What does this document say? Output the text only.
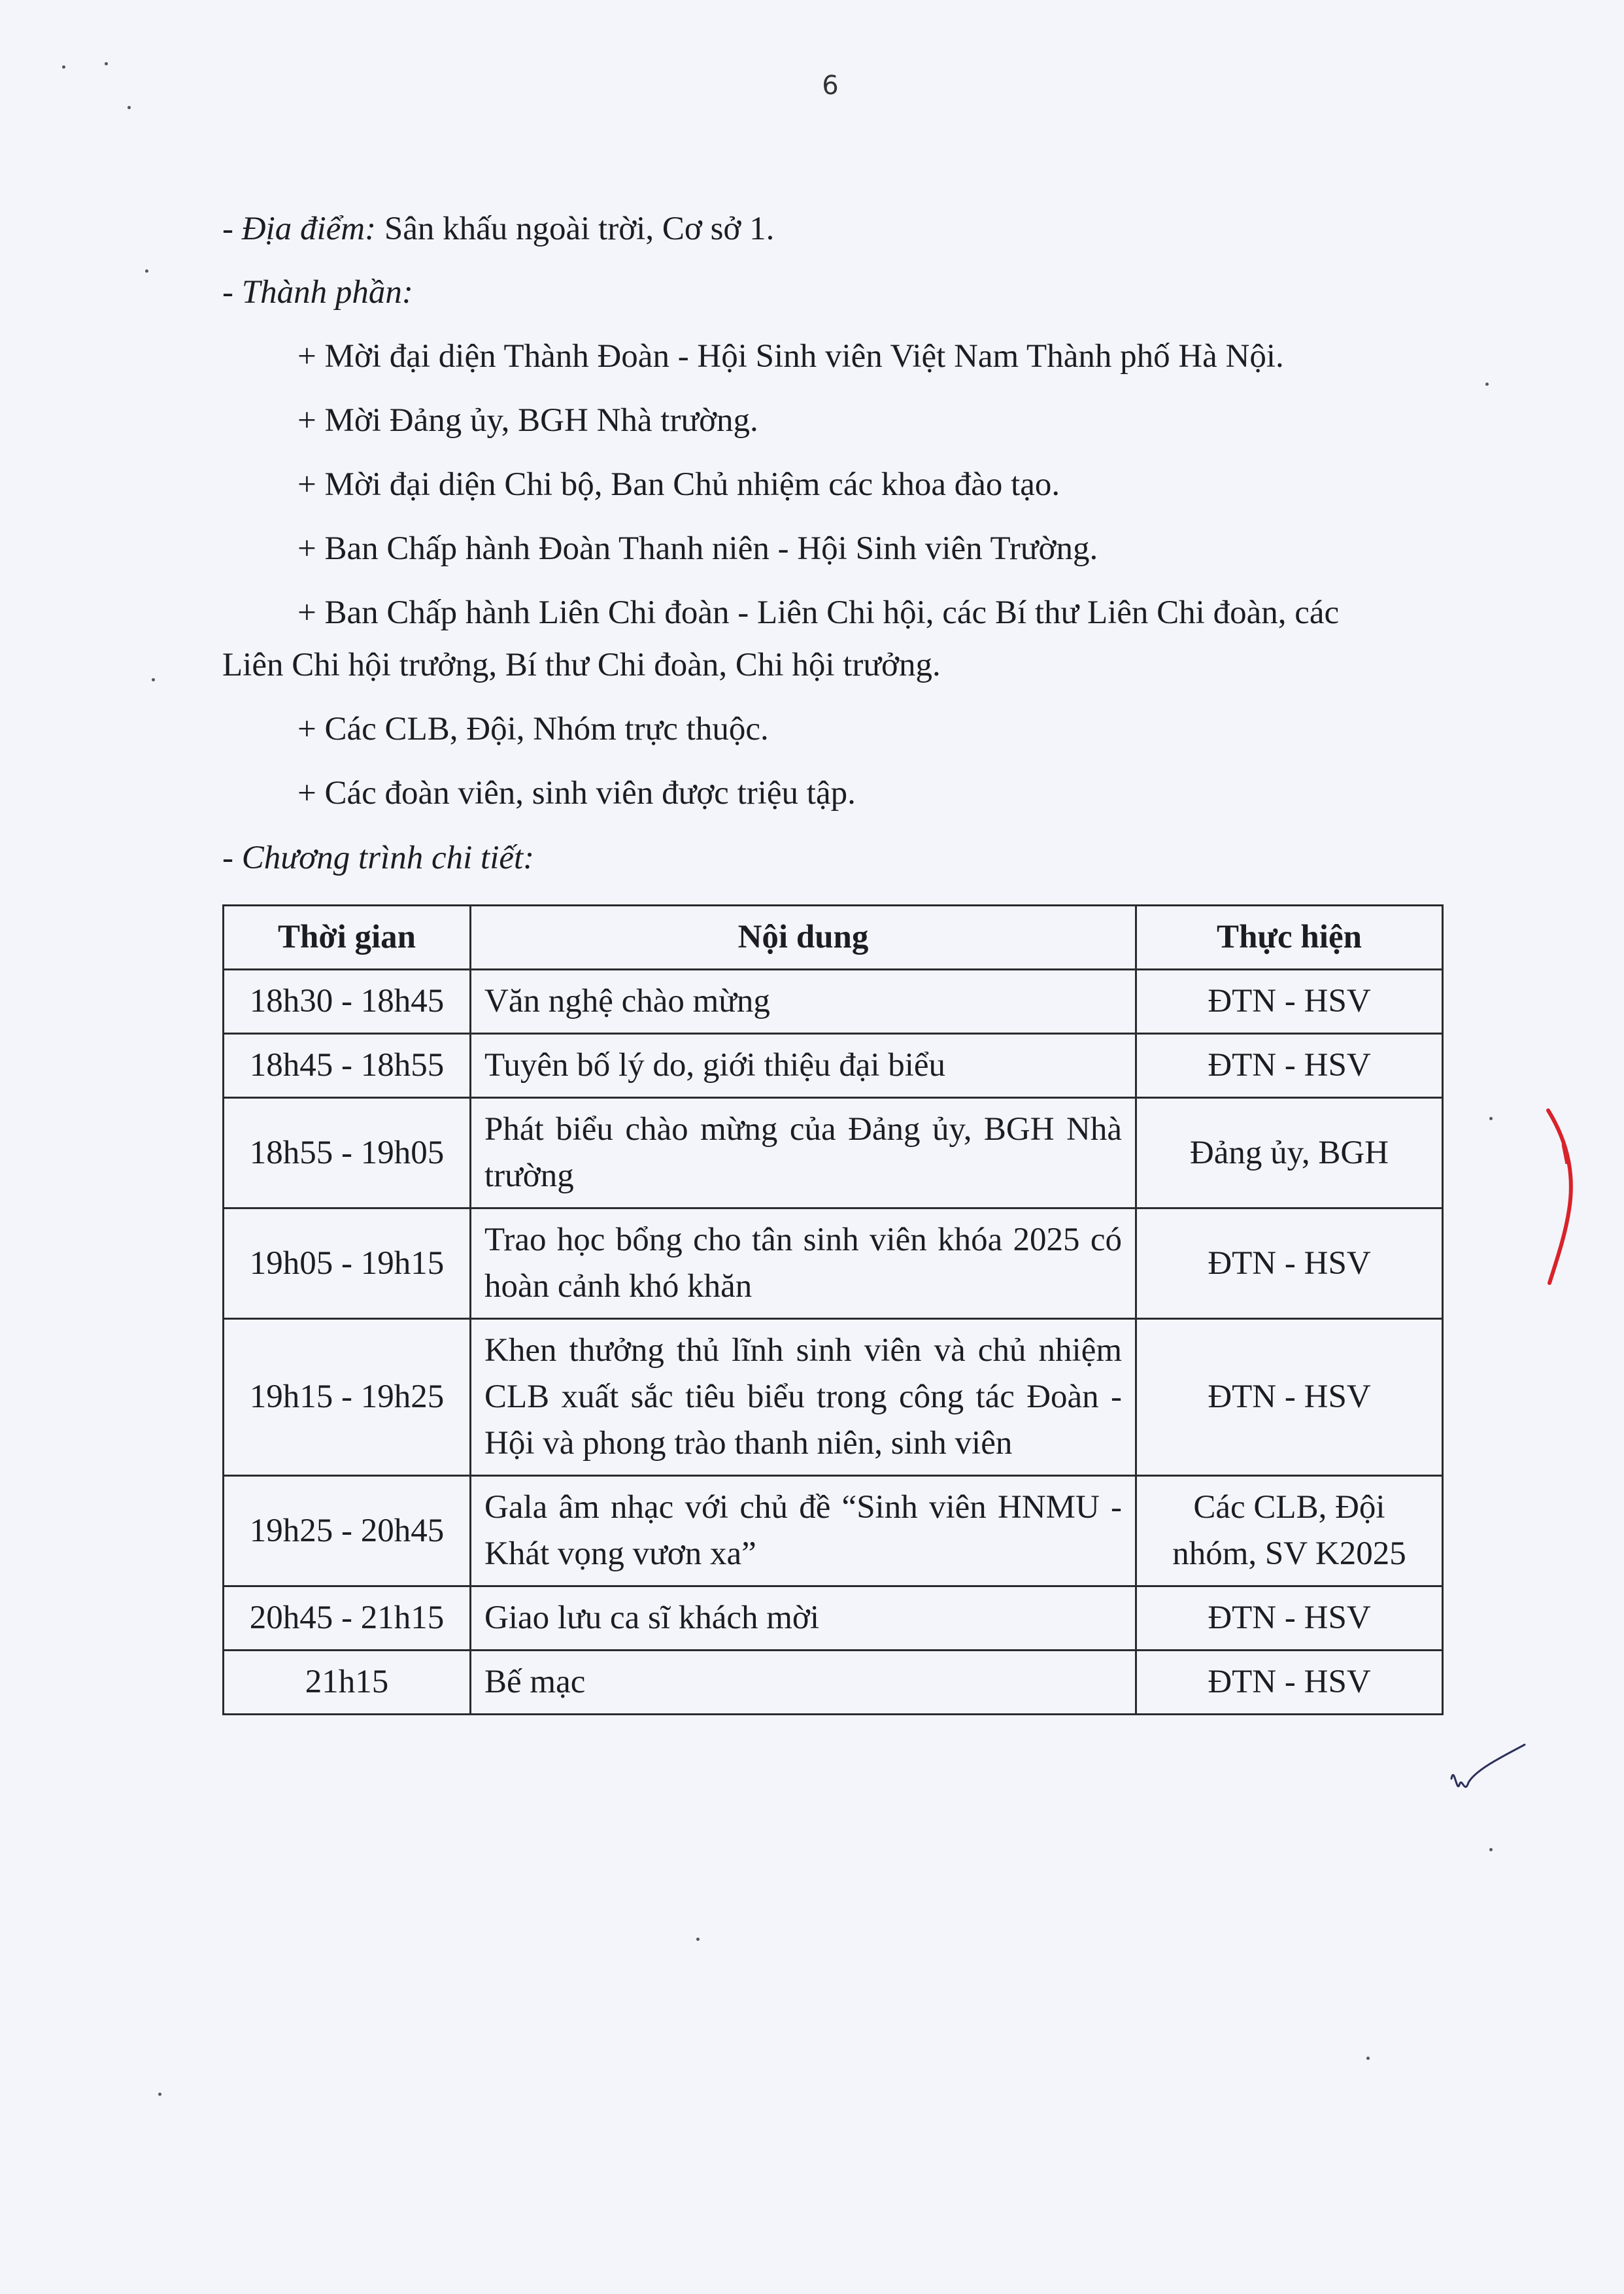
6
- Địa điểm: Sân khấu ngoài trời, Cơ sở 1.
- Thành phần:
+ Mời đại diện Thành Đoàn - Hội Sinh viên Việt Nam Thành phố Hà Nội.
+ Mời Đảng ủy, BGH Nhà trường.
+ Mời đại diện Chi bộ, Ban Chủ nhiệm các khoa đào tạo.
+ Ban Chấp hành Đoàn Thanh niên - Hội Sinh viên Trường.
+ Ban Chấp hành Liên Chi đoàn - Liên Chi hội, các Bí thư Liên Chi đoàn, các
Liên Chi hội trưởng, Bí thư Chi đoàn, Chi hội trưởng.
+ Các CLB, Đội, Nhóm trực thuộc.
+ Các đoàn viên, sinh viên được triệu tập.
- Chương trình chi tiết:
Thời gian	Nội dung	Thực hiện
18h30 - 18h45	Văn nghệ chào mừng	ĐTN - HSV
18h45 - 18h55	Tuyên bố lý do, giới thiệu đại biểu	ĐTN - HSV
18h55 - 19h05	Phát biểu chào mừng của Đảng ủy, BGH Nhà trường	Đảng ủy, BGH
19h05 - 19h15	Trao học bổng cho tân sinh viên khóa 2025 có hoàn cảnh khó khăn	ĐTN - HSV
19h15 - 19h25	Khen thưởng thủ lĩnh sinh viên và chủ nhiệm CLB xuất sắc tiêu biểu trong công tác Đoàn - Hội và phong trào thanh niên, sinh viên	ĐTN - HSV
19h25 - 20h45	Gala âm nhạc với chủ đề “Sinh viên HNMU - Khát vọng vươn xa”	Các CLB, Đội nhóm, SV K2025
20h45 - 21h15	Giao lưu ca sĩ khách mời	ĐTN - HSV
21h15	Bế mạc	ĐTN - HSV
